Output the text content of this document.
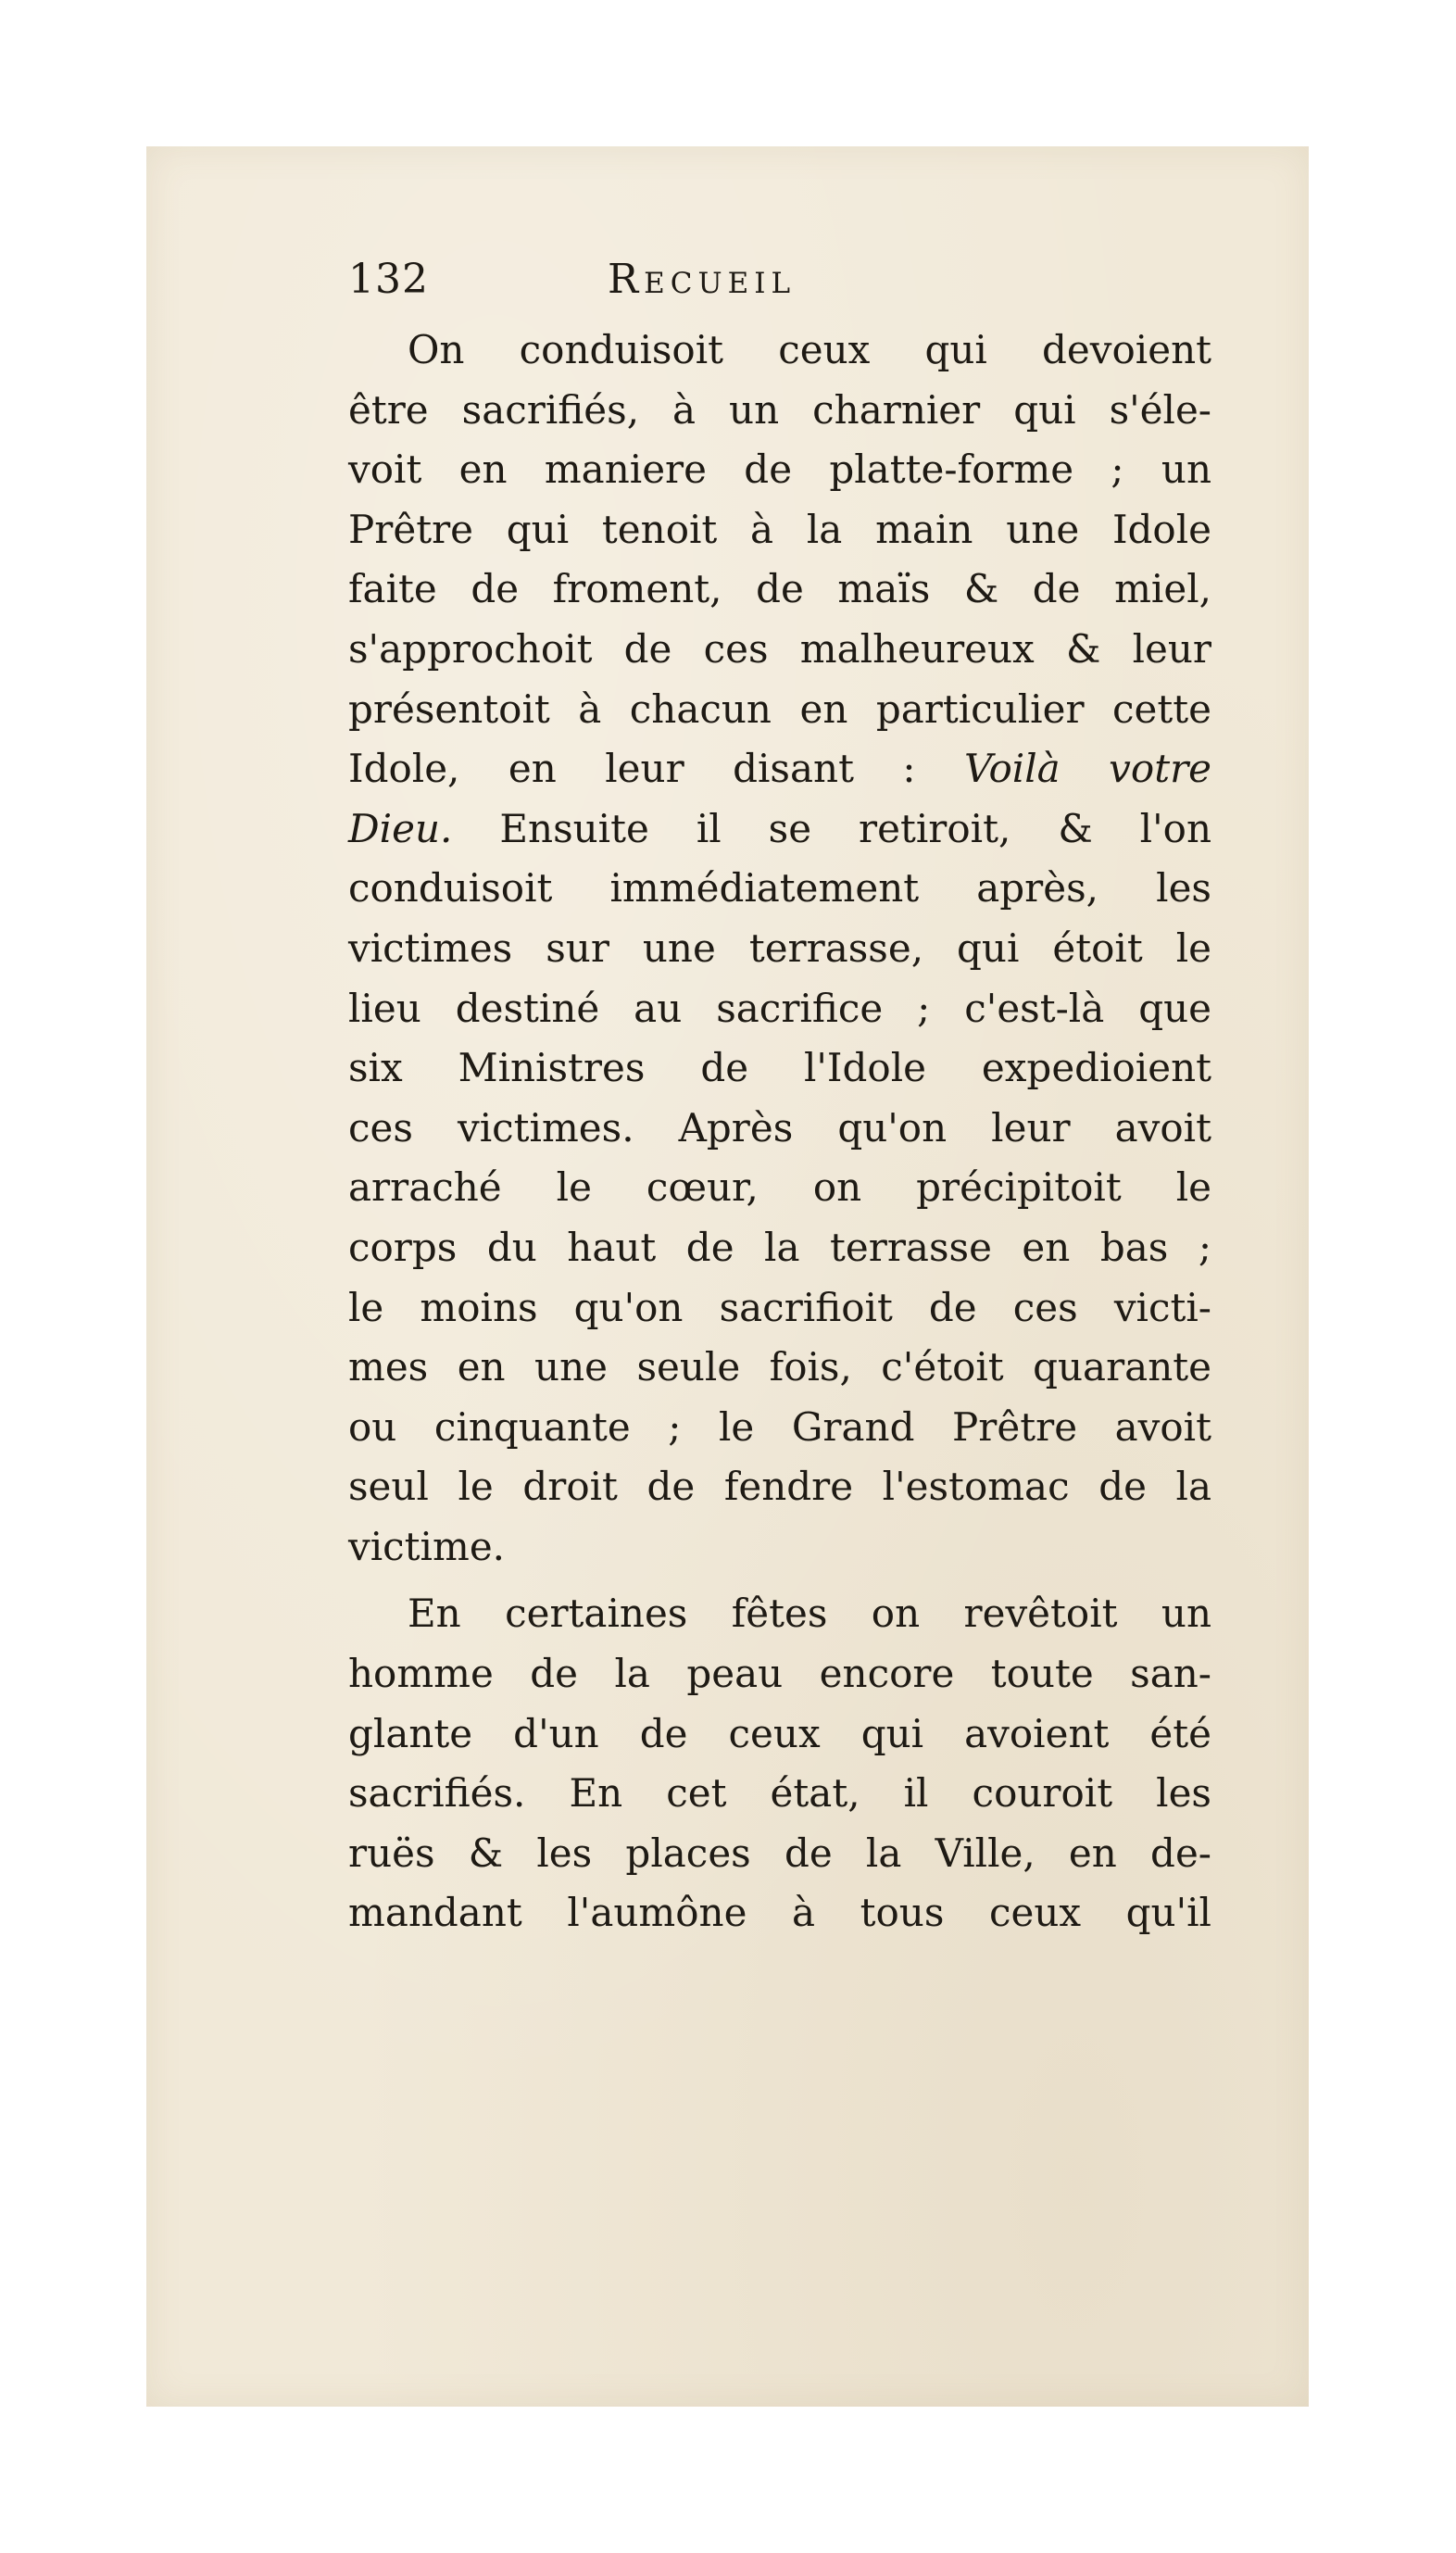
132	Recueil
On conduisoit ceux qui devoient
être sacrifiés, à un charnier qui s'éle-
voit en maniere de platte-forme ; un
Prêtre qui tenoit à la main une Idole
faite de froment, de maïs & de miel,
s'approchoit de ces malheureux & leur
présentoit à chacun en particulier cette
Idole, en leur disant : Voilà votre
Dieu. Ensuite il se retiroit, & l'on
conduisoit immédiatement après, les
victimes sur une terrasse, qui étoit le
lieu destiné au sacrifice ; c'est-là que
six Ministres de l'Idole expedioient
ces victimes. Après qu'on leur avoit
arraché le cœur, on précipitoit le
corps du haut de la terrasse en bas ;
le moins qu'on sacrifioit de ces victi-
mes en une seule fois, c'étoit quarante
ou cinquante ; le Grand Prêtre avoit
seul le droit de fendre l'estomac de la
victime.
En certaines fêtes on revêtoit un
homme de la peau encore toute san-
glante d'un de ceux qui avoient été
sacrifiés. En cet état, il couroit les
ruës & les places de la Ville, en de-
mandant l'aumône à tous ceux qu'il
